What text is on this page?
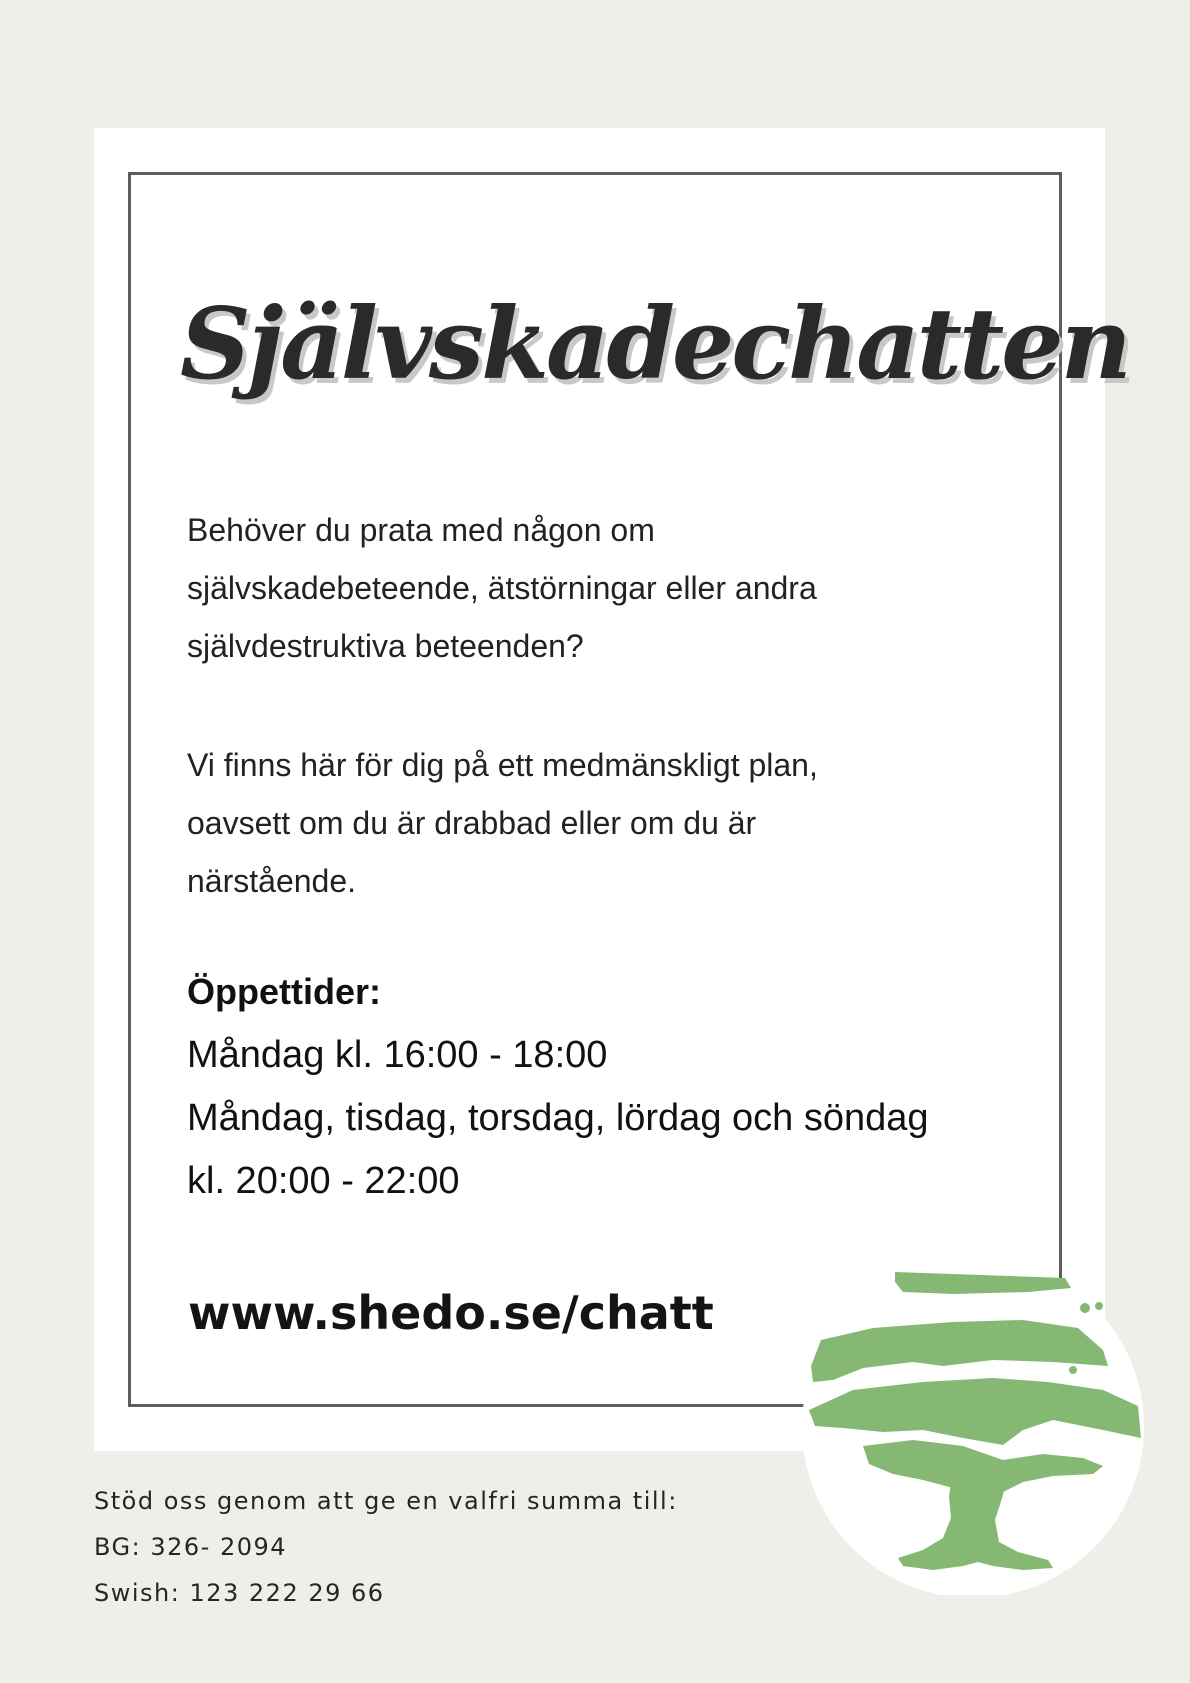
Självskadechatten

Behöver du prata med någon om
självskadebeteende, ätstörningar eller andra
självdestruktiva beteenden?

Vi finns här för dig på ett medmänskligt plan,
oavsett om du är drabbad eller om du är
närstående.

Öppettider:
Måndag kl. 16:00 - 18:00
Måndag, tisdag, torsdag, lördag och söndag
kl. 20:00 - 22:00
www.shedo.se/chatt
Stöd oss genom att ge en valfri summa till:
BG: 326- 2094
Swish: 123 222 29 66
